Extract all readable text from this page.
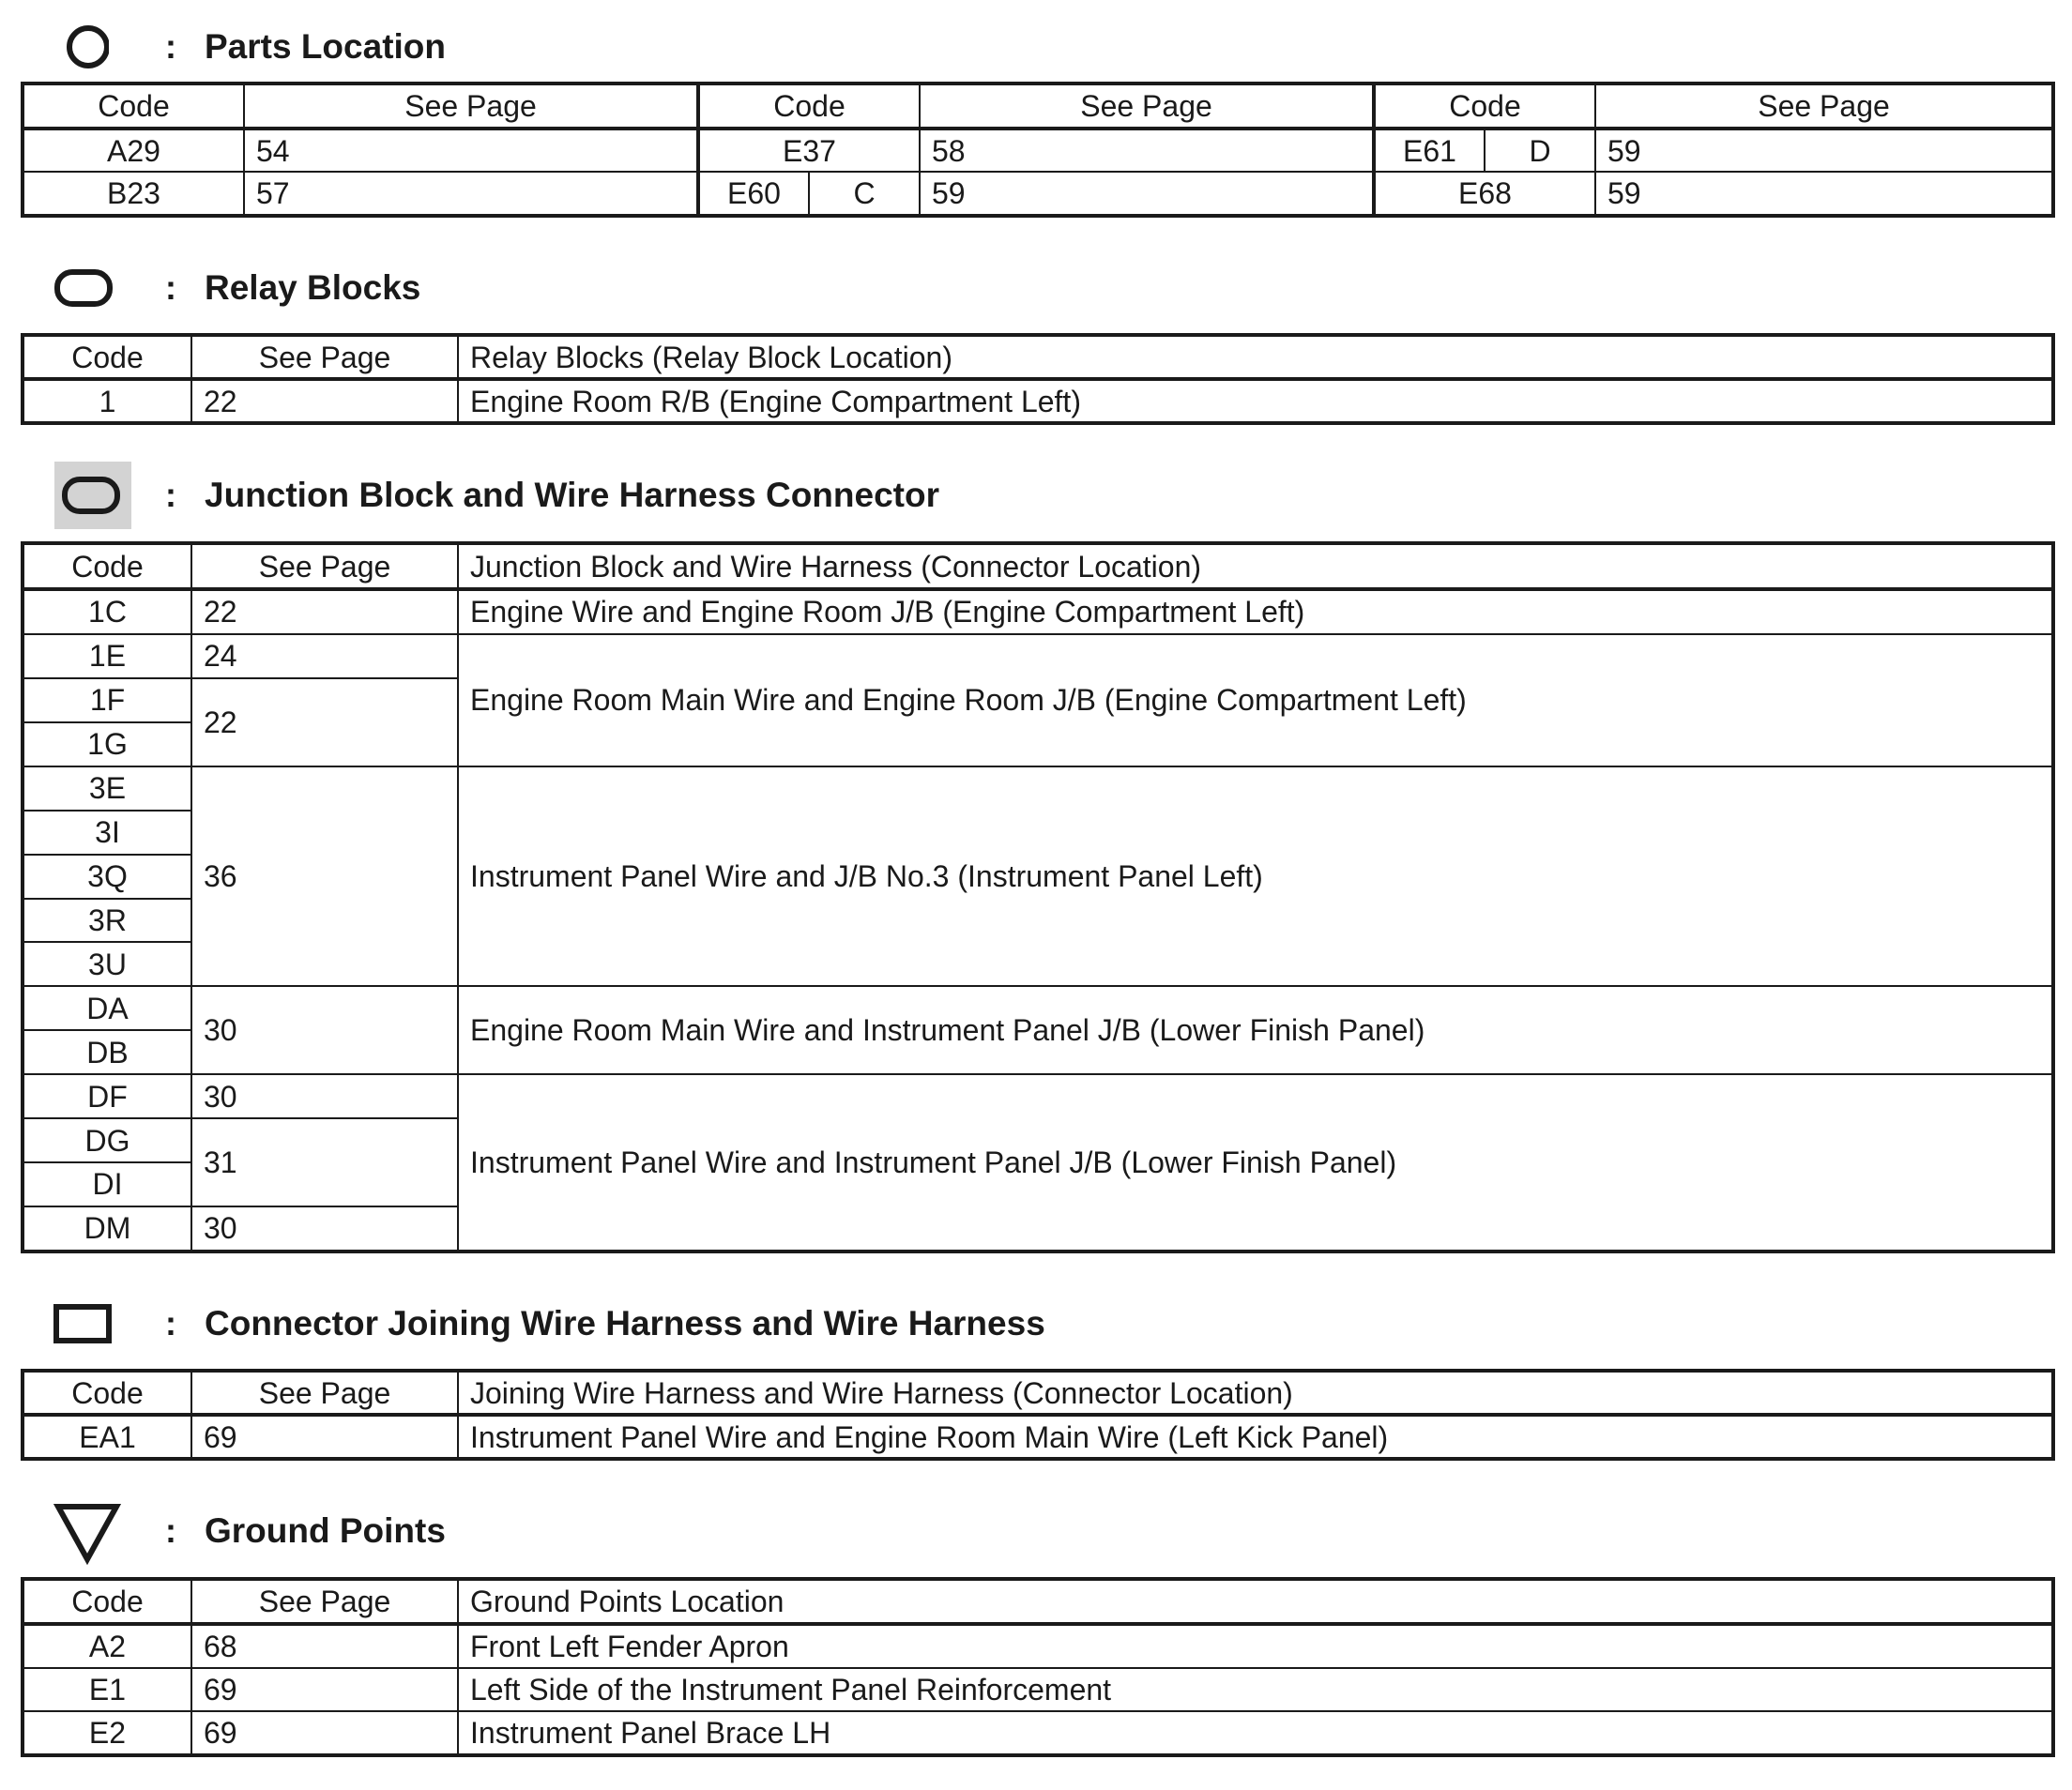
: Parts Location
Code	See Page	Code		See Page	Code		See Page
A29	54	E37		58	E61	D	59
B23	57	E60	C	59	E68		59
: Relay Blocks
Code	See Page	Relay Blocks (Relay Block Location)
1	22	Engine Room R/B (Engine Compartment Left)
: Junction Block and Wire Harness Connector
Code	See Page	Junction Block and Wire Harness (Connector Location)
1C	22	Engine Wire and Engine Room J/B (Engine Compartment Left)
1E	24	Engine Room Main Wire and Engine Room J/B (Engine Compartment Left)
1F	22	
1G		
3E	36	Instrument Panel Wire and J/B No.3 (Instrument Panel Left)
3I		
3Q		
3R		
3U		
DA	30	Engine Room Main Wire and Instrument Panel J/B (Lower Finish Panel)
DB		
DF	30	Instrument Panel Wire and Instrument Panel J/B (Lower Finish Panel)
DG	31	
DI		
DM	30	
: Connector Joining Wire Harness and Wire Harness
Code	See Page	Joining Wire Harness and Wire Harness (Connector Location)
EA1	69	Instrument Panel Wire and Engine Room Main Wire (Left Kick Panel)
: Ground Points
Code	See Page	Ground Points Location
A2	68	Front Left Fender Apron
E1	69	Left Side of the Instrument Panel Reinforcement
E2	69	Instrument Panel Brace LH
